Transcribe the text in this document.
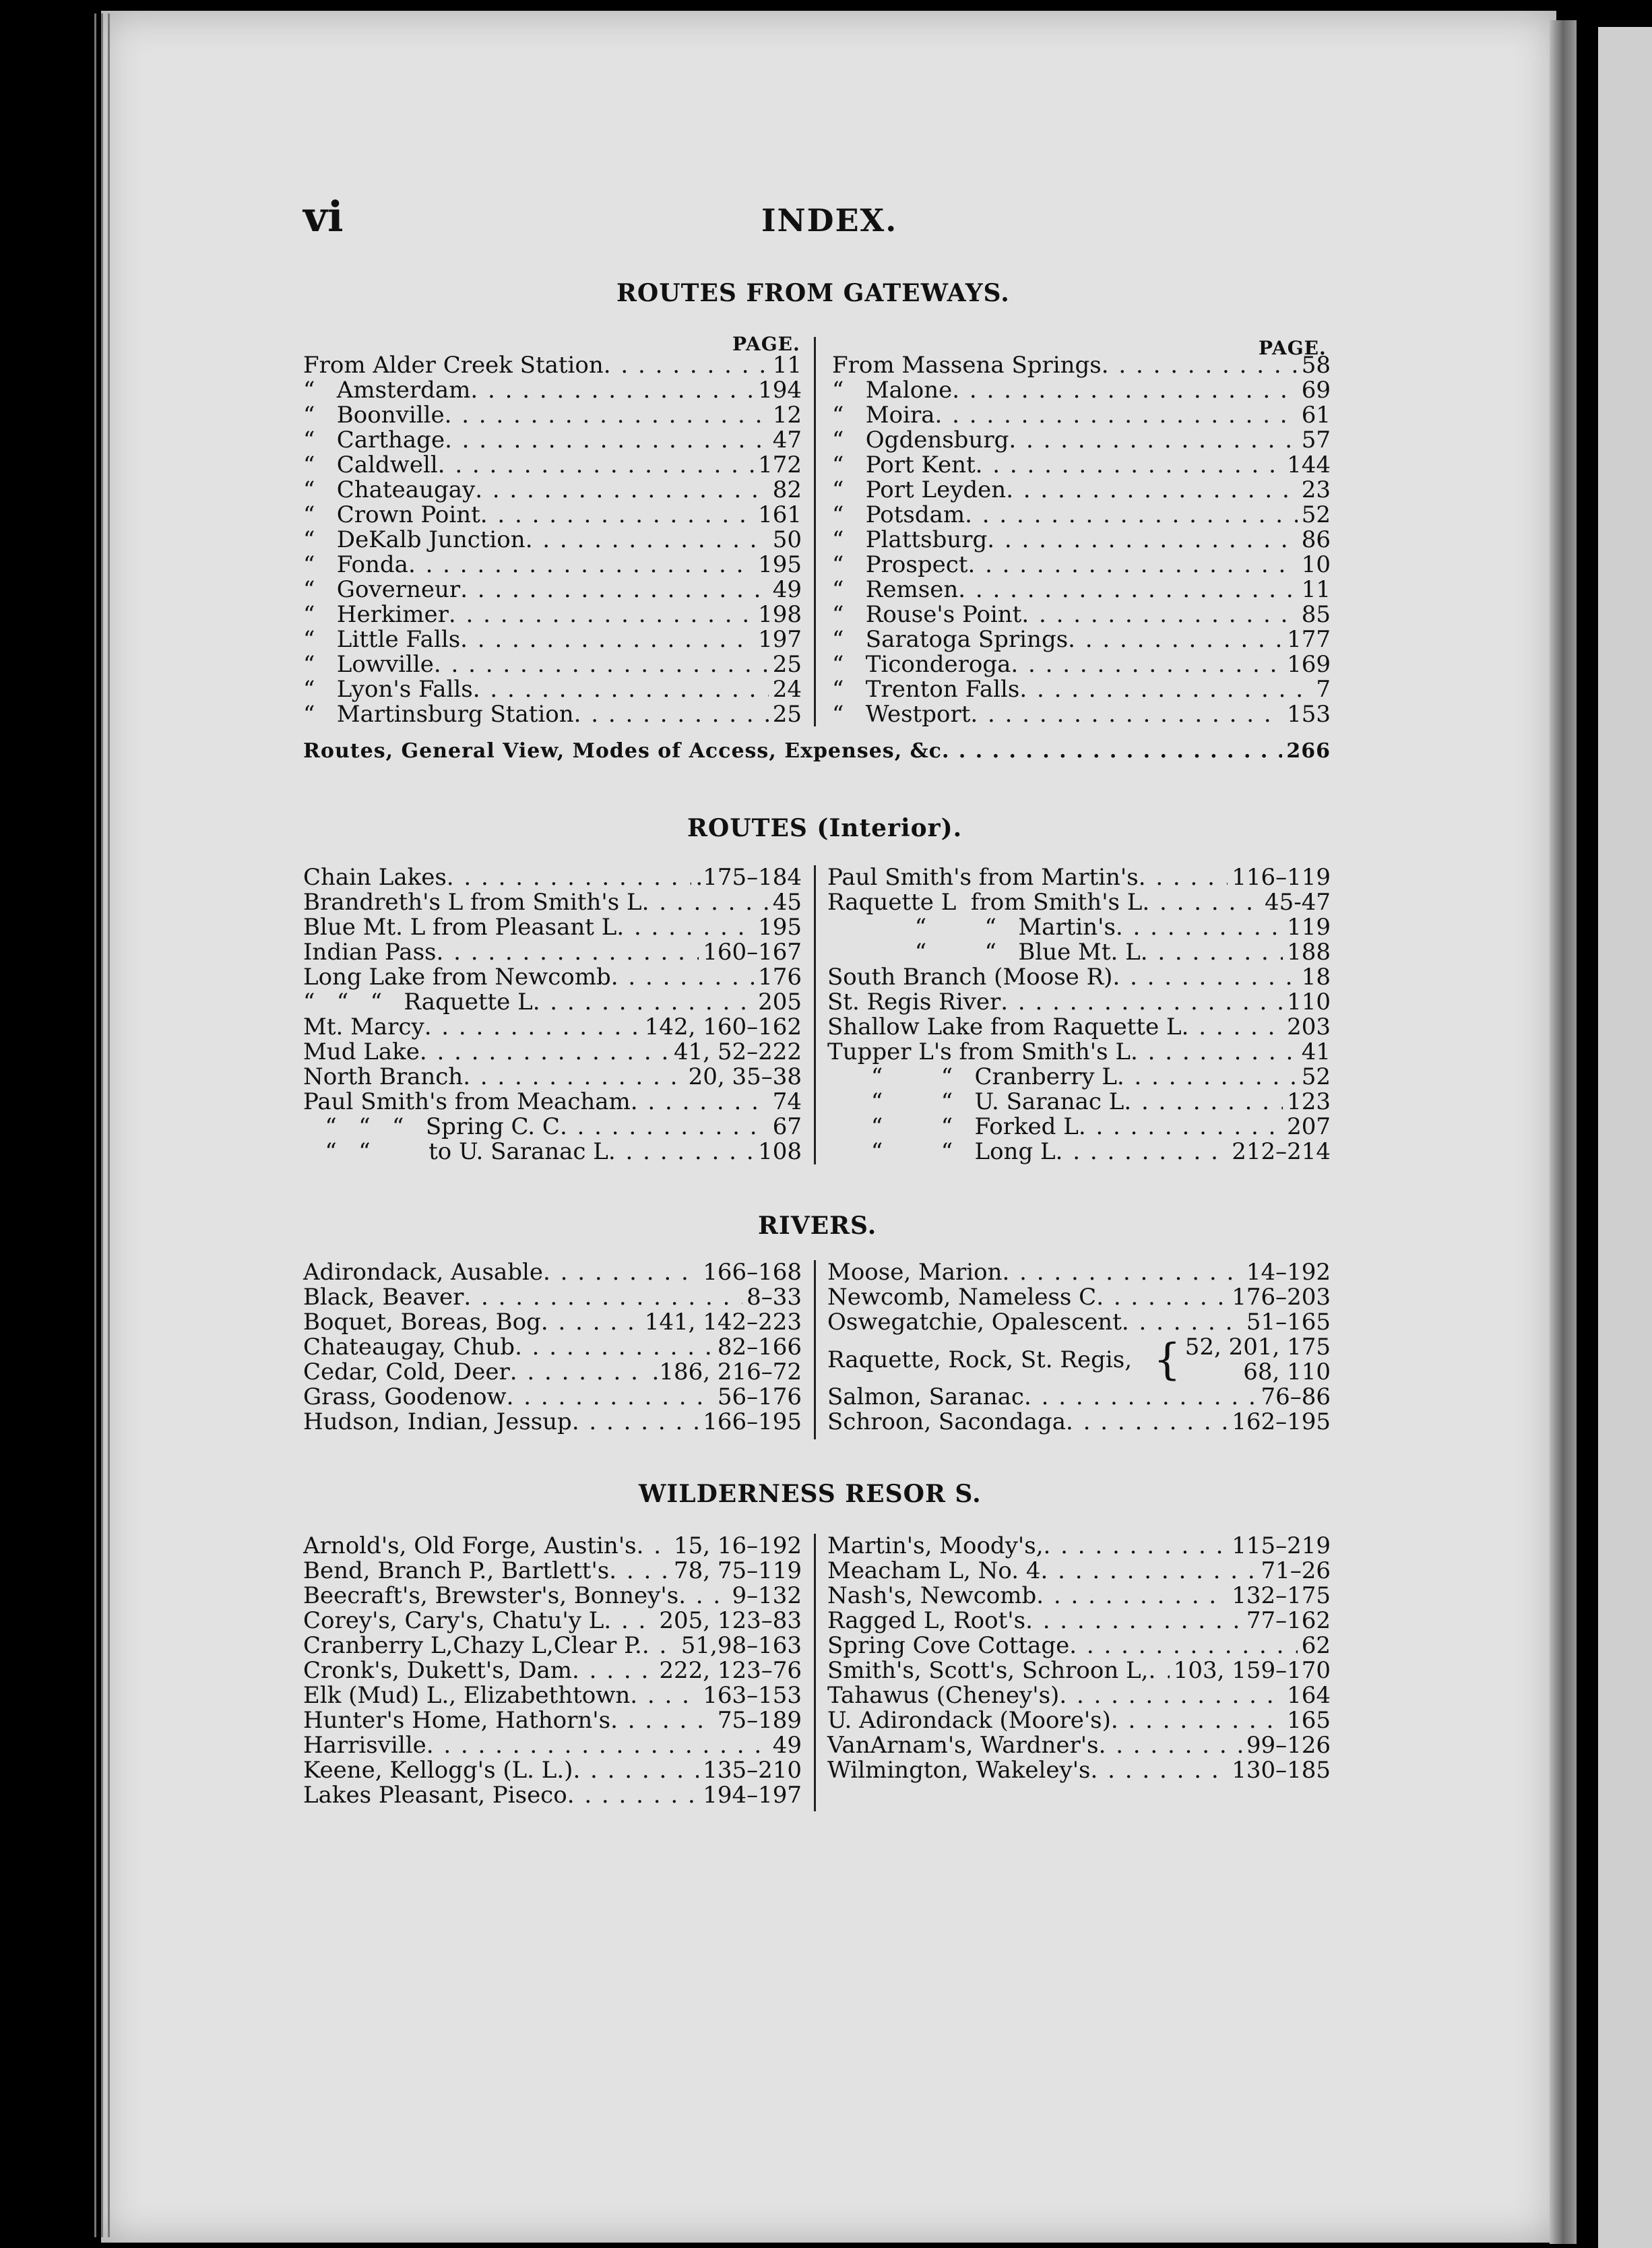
vi	INDEX.
ROUTES FROM GATEWAYS.
PAGE.	PAGE.
From Alder Creek Station . . .	11
“   Amsterdam . . .	194
“   Boonville . . .	12
“   Carthage . . .	47
“   Caldwell . . .	172
“   Chateaugay . . .	82
“   Crown Point . . .	161
“   DeKalb Junction . . .	50
“   Fonda . . .	195
“   Governeur . . .	49
“   Herkimer . . .	198
“   Little Falls . . .	197
“   Lowville . . .	25
“   Lyon's Falls . . .	24
“   Martinsburg Station . . .	25
From Massena Springs . . .	58
“   Malone . . .	69
“   Moira . . .	61
“   Ogdensburg . . .	57
“   Port Kent . . .	144
“   Port Leyden . . .	23
“   Potsdam . . .	52
“   Plattsburg . . .	86
“   Prospect . . .	10
“   Remsen . . .	11
“   Rouse's Point . . .	85
“   Saratoga Springs . . .	177
“   Ticonderoga . . .	169
“   Trenton Falls . . .	7
“   Westport . . .	153
Routes, General View, Modes of Access, Expenses, &c . . .	266
ROUTES (Interior).
Chain Lakes . . .	.175–184
Brandreth's L from Smith's L . . .	45
Blue Mt. L from Pleasant L . . .	195
Indian Pass . . .	160–167
Long Lake from Newcomb . . .	176
“   “   “   Raquette L . . .	205
Mt. Marcy . . .	142, 160–162
Mud Lake . . .	41, 52–222
North Branch . . .	20, 35–38
Paul Smith's from Meacham . . .	74
“   “   “   Spring C. C . . .	67
“   “        to U. Saranac L . . .	108
Paul Smith's from Martin's . . .	116–119
Raquette L  from Smith's L . . .	45-47
“        “   Martin's . . .	119
“        “   Blue Mt. L . . .	188
South Branch (Moose R) . . .	18
St. Regis River . . .	110
Shallow Lake from Raquette L . . .	203
Tupper L's from Smith's L . . .	41
“        “   Cranberry L . . .	52
“        “   U. Saranac L . . .	123
“        “   Forked L . . .	207
“        “   Long L . . .	212–214
RIVERS.
Adirondack, Ausable . . .	166–168
Black, Beaver . . .	8–33
Boquet, Boreas, Bog . . .	141, 142–223
Chateaugay, Chub . . .	82–166
Cedar, Cold, Deer . . .	.186, 216–72
Grass, Goodenow . . .	56–176
Hudson, Indian, Jessup . . .	166–195
Moose, Marion . . .	14–192
Newcomb, Nameless C . . .	176–203
Oswegatchie, Opalescent . . .	51–165
Raquette, Rock, St. Regis, { 52, 201, 175
68, 110
Salmon, Saranac . . .	76–86
Schroon, Sacondaga . . .	162–195
WILDERNESS RESOR S.
Arnold's, Old Forge, Austin's . . . 15, 16–192
Bend, Branch P., Bartlett's . . .	78, 75–119
Beecraft's, Brewster's, Bonney's . . . 9–132
Corey's, Cary's, Chatu'y L . . . 205, 123–83
Cranberry L,Chazy L,Clear P. . . . 51,98–163
Cronk's, Dukett's, Dam . . .	222, 123–76
Elk (Mud) L., Elizabethtown . . .	163–153
Hunter's Home, Hathorn's . . .	75–189
Harrisville . . .	49
Keene, Kellogg's (L. L.) . . .	135–210
Lakes Pleasant, Piseco . . .	194–197
Martin's, Moody's, . . .	115–219
Meacham L, No. 4 . . .	71–26
Nash's, Newcomb . . .	132–175
Ragged L, Root's . . .	77–162
Spring Cove Cottage . . .	62
Smith's, Scott's, Schroon L, . . . 103, 159–170
Tahawus (Cheney's) . . .	164
U. Adirondack (Moore's) . . .	165
VanArnam's, Wardner's . . .	99–126
Wilmington, Wakeley's . . .	130–185
